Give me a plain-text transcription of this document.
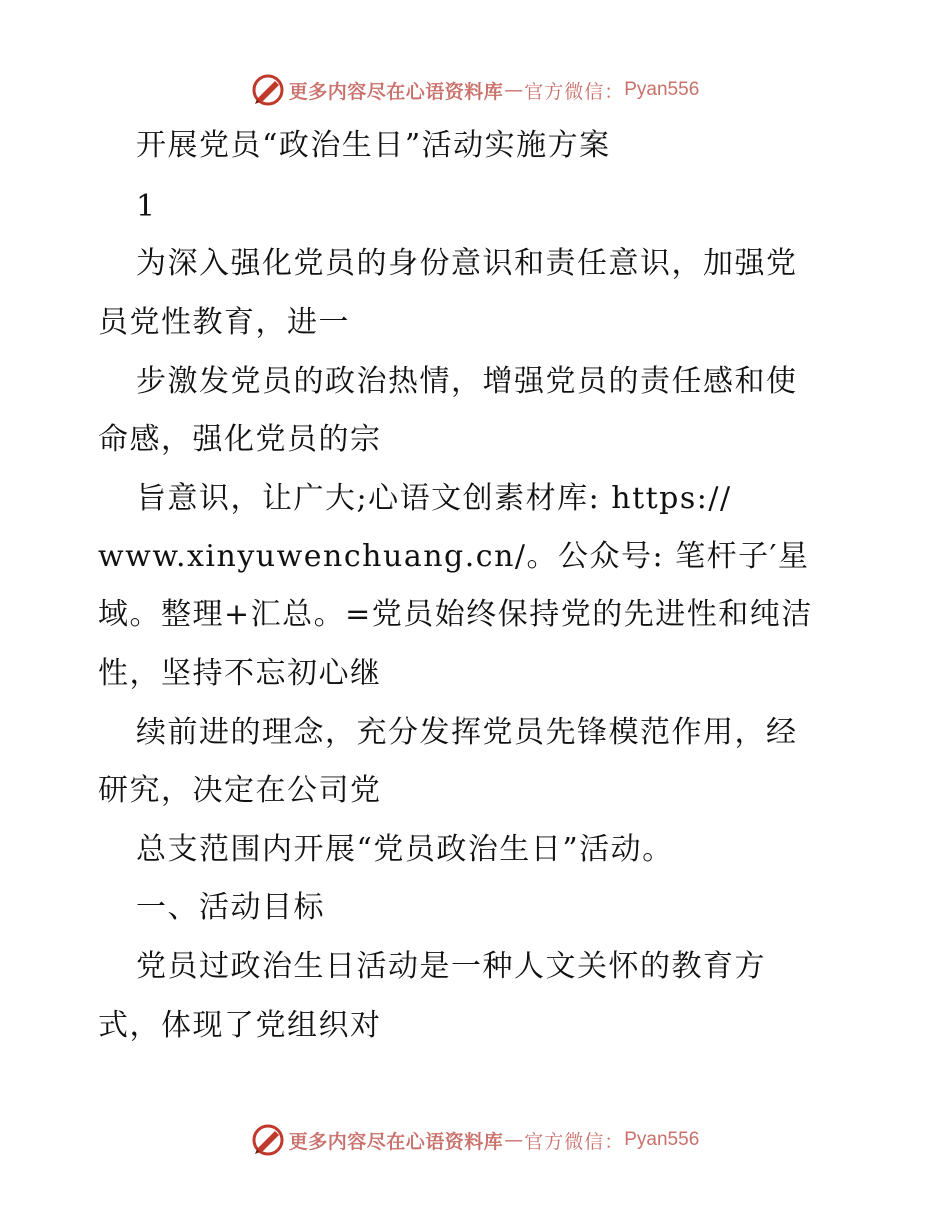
更多内容尽在心语资料库 — 官方微信： Pyan556
开展党员“政治生日”活动实施方案
1
为深入强化党员的身份意识和责任意识，加强党
员党性教育，进一
步激发党员的政治热情，增强党员的责任感和使
命感，强化党员的宗
旨意识，让广大;心语文创素材库: https://
www.xinyuwenchuang.cn/。公众号: 笔杆子′星
域。整理+汇总。=党员始终保持党的先进性和纯洁
性，坚持不忘初心继
续前进的理念，充分发挥党员先锋模范作用，经
研究，决定在公司党
总支范围内开展“党员政治生日”活动。
一、活动目标
党员过政治生日活动是一种人文关怀的教育方
式，体现了党组织对
更多内容尽在心语资料库 — 官方微信： Pyan556
